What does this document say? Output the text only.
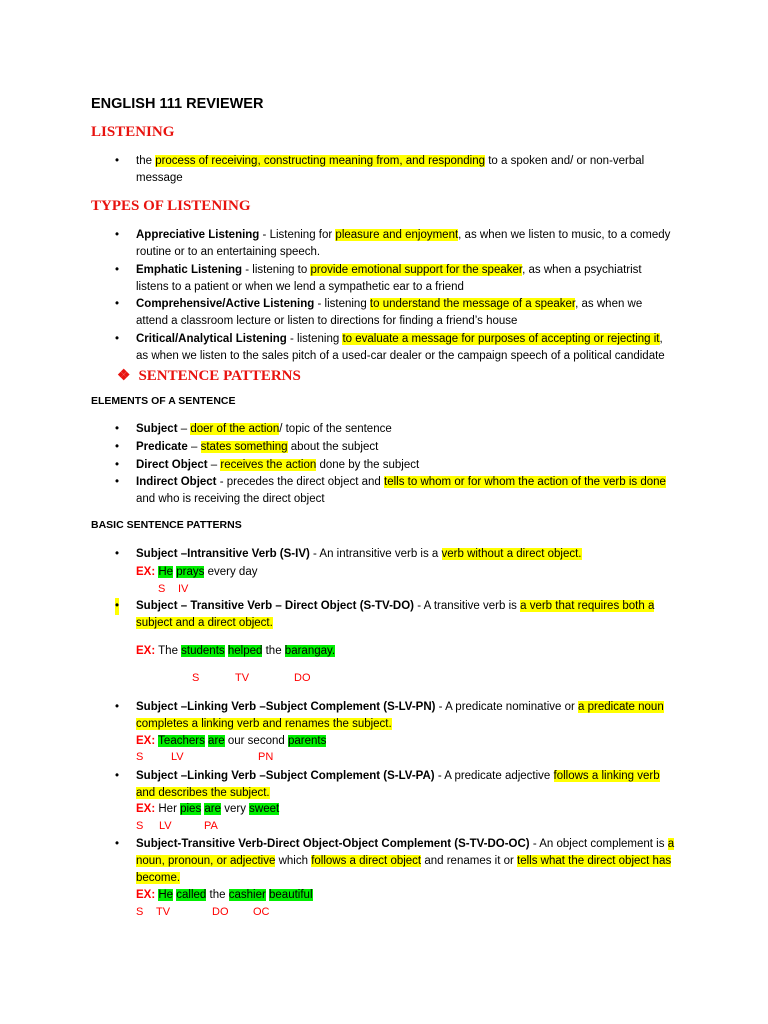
ENGLISH 111 REVIEWER
LISTENING
• the process of receiving, constructing meaning from, and responding to a spoken and/ or non-verbal message
TYPES OF LISTENING
• Appreciative Listening - Listening for pleasure and enjoyment, as when we listen to music, to a comedy routine or to an entertaining speech.
• Emphatic Listening - listening to provide emotional support for the speaker, as when a psychiatrist listens to a patient or when we lend a sympathetic ear to a friend
• Comprehensive/Active Listening - listening to understand the message of a speaker, as when we attend a classroom lecture or listen to directions for finding a friend’s house
• Critical/Analytical Listening - listening to evaluate a message for purposes of accepting or rejecting it, as when we listen to the sales pitch of a used-car dealer or the campaign speech of a political candidate
❖ SENTENCE PATTERNS
ELEMENTS OF A SENTENCE
• Subject – doer of the action/ topic of the sentence
• Predicate – states something about the subject
• Direct Object – receives the action done by the subject
• Indirect Object - precedes the direct object and tells to whom or for whom the action of the verb is done and who is receiving the direct object
BASIC SENTENCE PATTERNS
• Subject –Intransitive Verb (S-IV) - An intransitive verb is a verb without a direct object.
EX: He prays every day
S IV
• Subject – Transitive Verb – Direct Object (S-TV-DO) - A transitive verb is a verb that requires both a subject and a direct object.
EX: The students helped the barangay.
S	TV	DO
• Subject –Linking Verb –Subject Complement (S-LV-PN) - A predicate nominative or a predicate noun completes a linking verb and renames the subject.
EX: Teachers are our second parents
S	LV	PN
• Subject –Linking Verb –Subject Complement (S-LV-PA) - A predicate adjective follows a linking verb and describes the subject.
EX: Her pies are very sweet
S LV	PA
• Subject-Transitive Verb-Direct Object-Object Complement (S-TV-DO-OC) - An object complement is a noun, pronoun, or adjective which follows a direct object and renames it or tells what the direct object has become.
EX: He called the cashier beautiful
S TV	DO OC
